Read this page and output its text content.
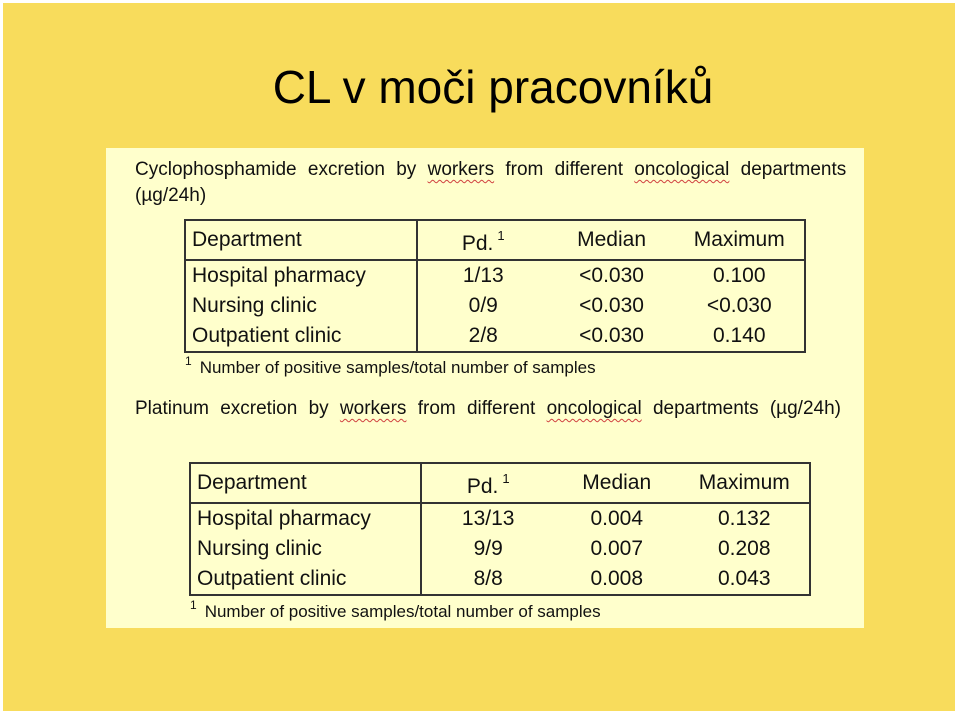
CL v moči pracovníků
Cyclophosphamide excretion by workers from different oncological departments (µg/24h)
Department	Pd. $^1$	Median	Maximum
Hospital pharmacy	1/13	<0.030	0.100
Nursing clinic	0/9	<0.030	<0.030
Outpatient clinic	2/8	<0.030	0.140
$^1$ Number of positive samples/total number of samples
Platinum excretion by workers from different oncological departments (µg/24h)
Department	Pd. $^1$	Median	Maximum
Hospital pharmacy	13/13	0.004	0.132
Nursing clinic	9/9	0.007	0.208
Outpatient clinic	8/8	0.008	0.043
$^1$ Number of positive samples/total number of samples
